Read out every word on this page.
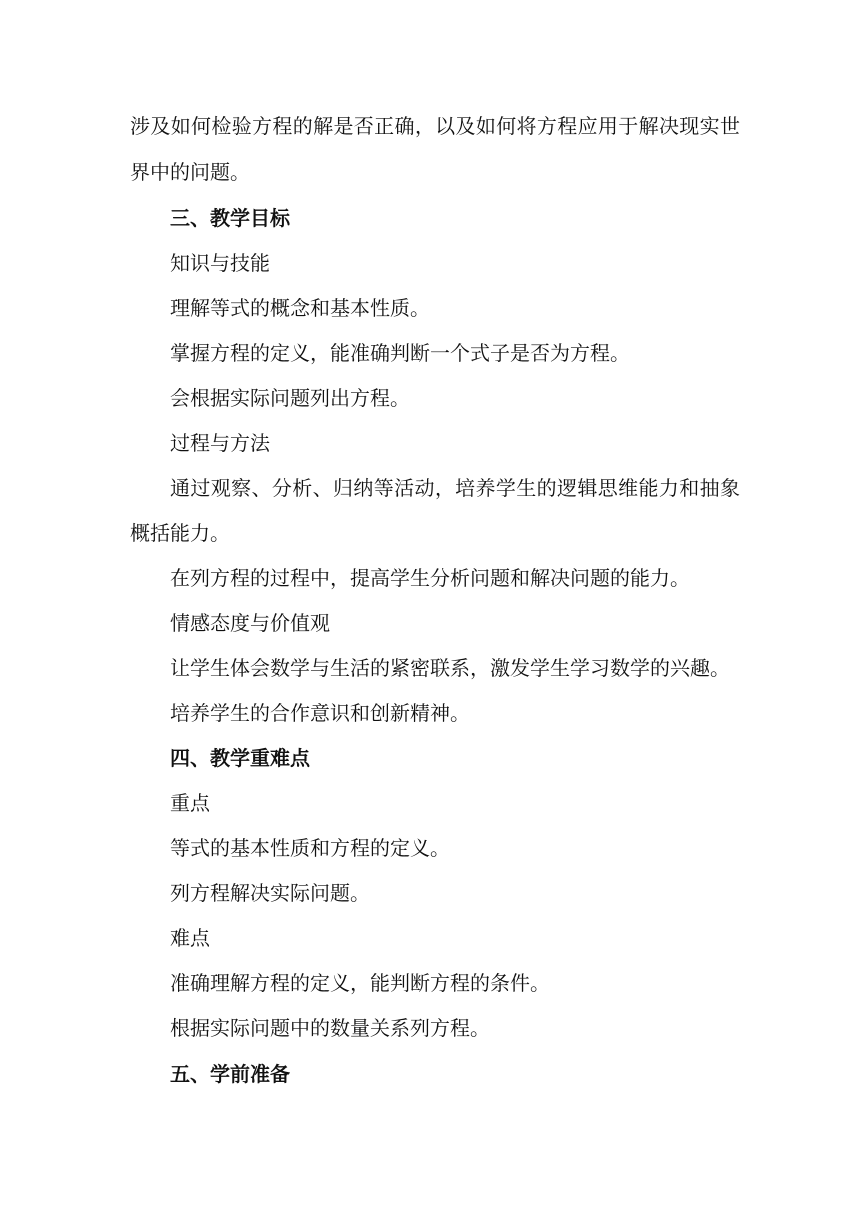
涉及如何检验方程的解是否正确，以及如何将方程应用于解决现实世
界中的问题。
三、教学目标
知识与技能
理解等式的概念和基本性质。
掌握方程的定义，能准确判断一个式子是否为方程。
会根据实际问题列出方程。
过程与方法
通过观察、分析、归纳等活动，培养学生的逻辑思维能力和抽象
概括能力。
在列方程的过程中，提高学生分析问题和解决问题的能力。
情感态度与价值观
让学生体会数学与生活的紧密联系，激发学生学习数学的兴趣。
培养学生的合作意识和创新精神。
四、教学重难点
重点
等式的基本性质和方程的定义。
列方程解决实际问题。
难点
准确理解方程的定义，能判断方程的条件。
根据实际问题中的数量关系列方程。
五、学前准备
